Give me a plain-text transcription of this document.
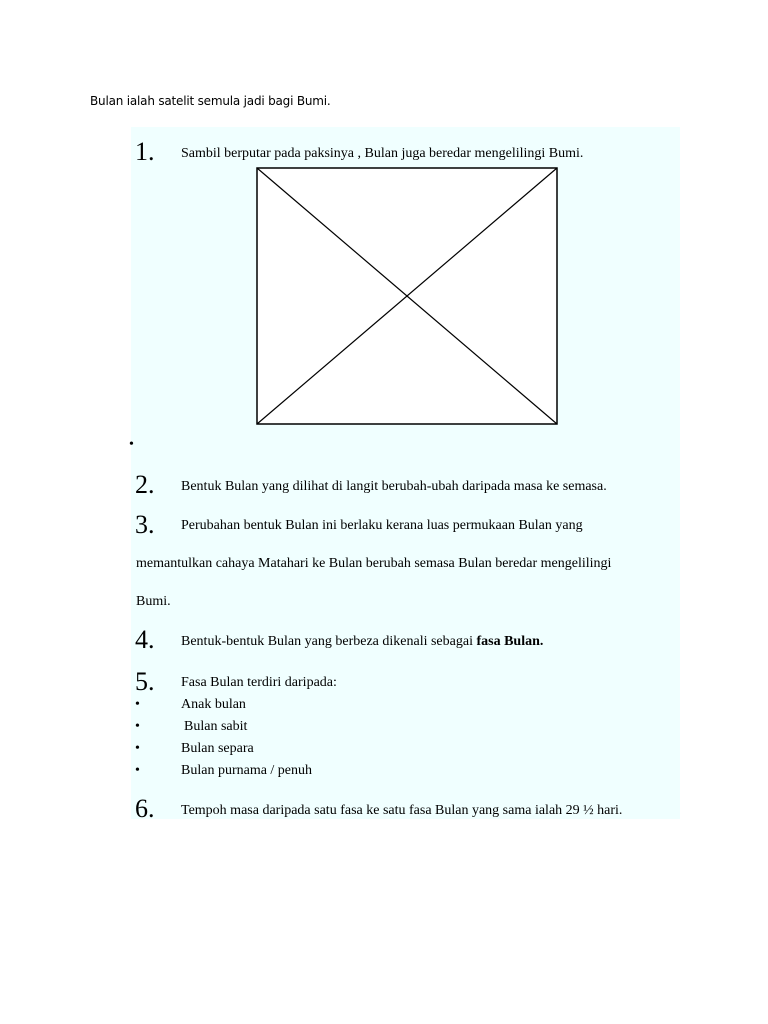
Bulan ialah satelit semula jadi bagi Bumi.
1. Sambil berputar pada paksinya , Bulan juga beredar mengelilingi Bumi.
•
2. Bentuk Bulan yang dilihat di langit berubah-ubah daripada masa ke semasa.
3. Perubahan bentuk Bulan ini berlaku kerana luas permukaan Bulan yang
memantulkan cahaya Matahari ke Bulan berubah semasa Bulan beredar mengelilingi
Bumi.
4. Bentuk-bentuk Bulan yang berbeza dikenali sebagai fasa Bulan.
5. Fasa Bulan terdiri daripada:
•	Anak bulan
•	Bulan sabit
•	Bulan separa
•	Bulan purnama / penuh
6. Tempoh masa daripada satu fasa ke satu fasa Bulan yang sama ialah 29 ½ hari.
